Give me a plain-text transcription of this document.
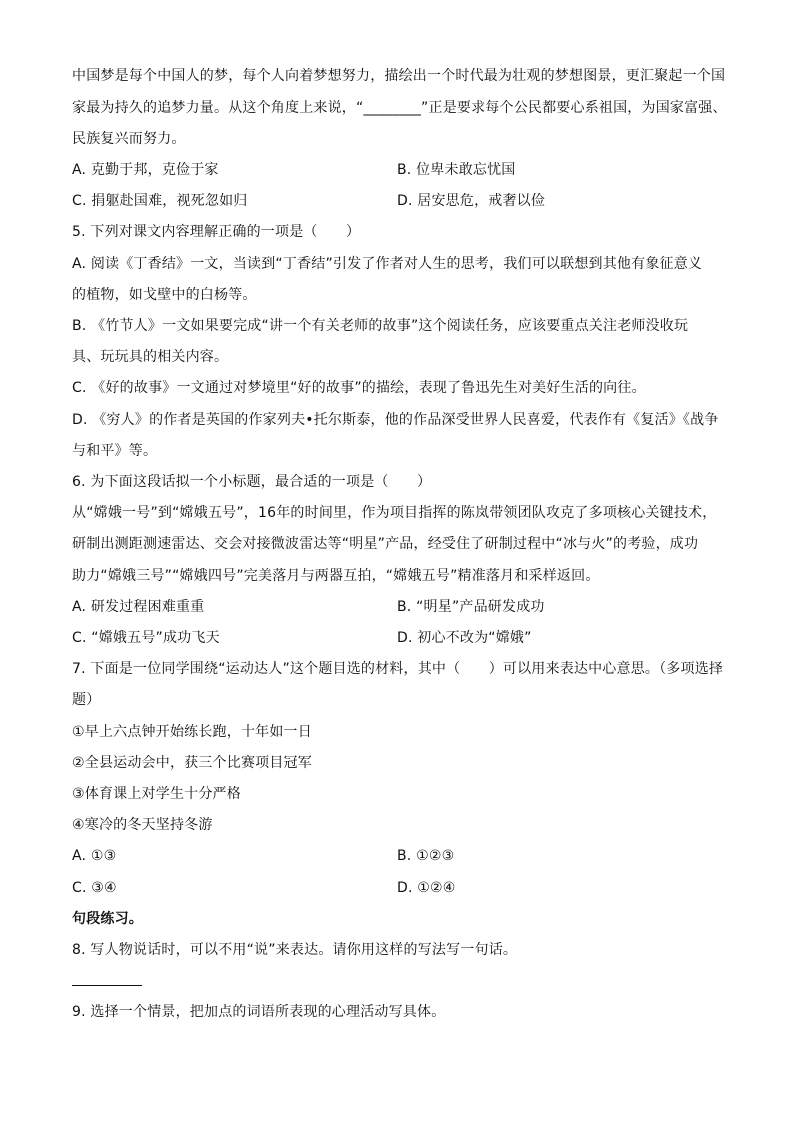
中国梦是每个中国人的梦，每个人向着梦想努力，描绘出一个时代最为壮观的梦想图景，更汇聚起一个国
家最为持久的追梦力量。从这个角度上来说，“________”正是要求每个公民都要心系祖国，为国家富强、
民族复兴而努力。
A. 克勤于邦，克俭于家	B. 位卑未敢忘忧国
C. 捐躯赴国难，视死忽如归	D. 居安思危，戒奢以俭
5. 下列对课文内容理解正确的一项是（　　）
A. 阅读《丁香结》一文，当读到“丁香结”引发了作者对人生的思考，我们可以联想到其他有象征意义
的植物，如戈壁中的白杨等。
B. 《竹节人》一文如果要完成“讲一个有关老师的故事”这个阅读任务，应该要重点关注老师没收玩
具、玩玩具的相关内容。
C. 《好的故事》一文通过对梦境里“好的故事”的描绘，表现了鲁迅先生对美好生活的向往。
D. 《穷人》的作者是英国的作家列夫•托尔斯泰，他的作品深受世界人民喜爱，代表作有《复活》《战争
与和平》等。
6. 为下面这段话拟一个小标题，最合适的一项是（　　）
从“嫦娥一号”到“嫦娥五号”，16年的时间里，作为项目指挥的陈岚带领团队攻克了多项核心关键技术，
研制出测距测速雷达、交会对接微波雷达等“明星”产品，经受住了研制过程中“冰与火”的考验，成功
助力“嫦娥三号”“嫦娥四号”完美落月与两器互拍，“嫦娥五号”精准落月和采样返回。
A. 研发过程困难重重	B. “明星”产品研发成功
C. “嫦娥五号”成功飞天	D. 初心不改为“嫦娥”
7. 下面是一位同学围绕“运动达人”这个题目选的材料，其中（　　）可以用来表达中心意思。（多项选择
题）
①早上六点钟开始练长跑，十年如一日
②全县运动会中，获三个比赛项目冠军
③体育课上对学生十分严格
④寒冷的冬天坚持冬游
A. ①③	B. ①②③
C. ③④	D. ①②④
句段练习。
8. 写人物说话时，可以不用“说”来表达。请你用这样的写法写一句话。
9. 选择一个情景，把加点的词语所表现的心理活动写具体。
